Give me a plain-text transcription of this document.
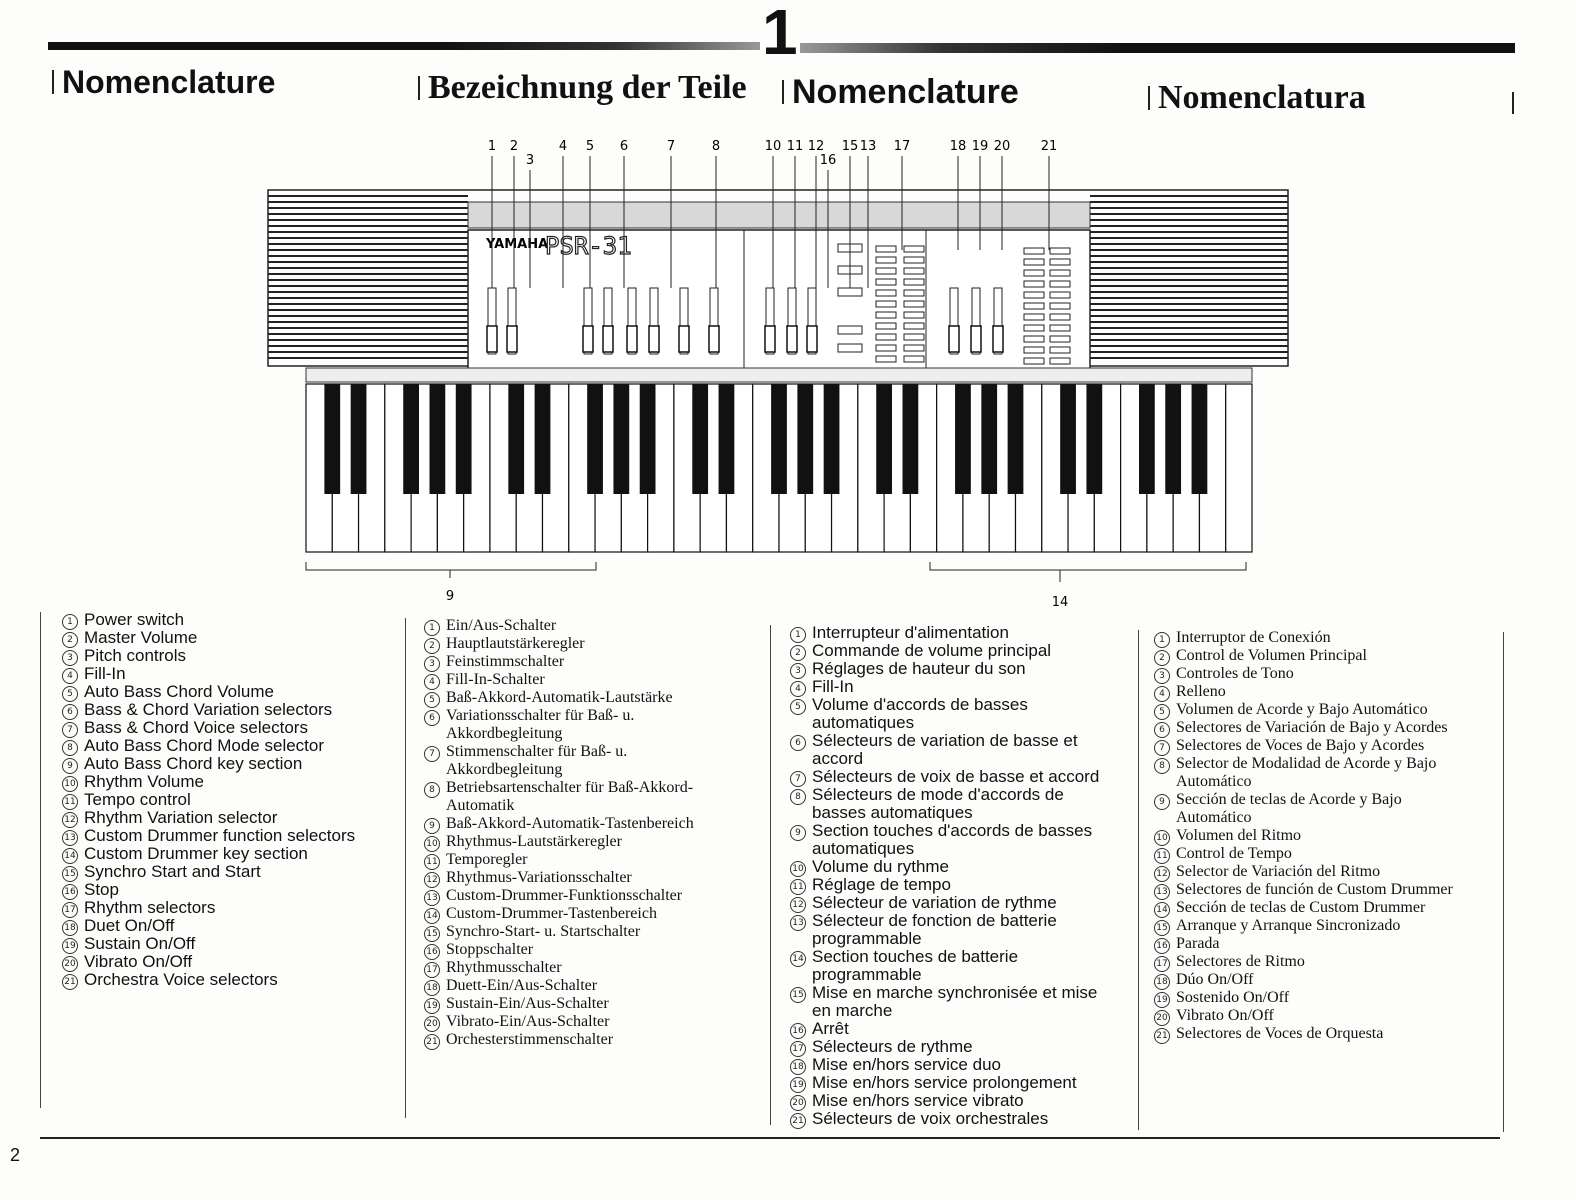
1
Nomenclature	Bezeichnung der Teile Nomenclature	Nomenclatura
YAMAHA
PSR-31
1 2
3
4 5 6	7	8	10 11 12	13
16
15	17	18 19 20 21
9	14
1 Power switch
2 Master Volume
3 Pitch controls
4 Fill-In
5 Auto Bass Chord Volume
6 Bass & Chord Variation selectors
7 Bass & Chord Voice selectors
8 Auto Bass Chord Mode selector
9 Auto Bass Chord key section
10 Rhythm Volume
11 Tempo control
12 Rhythm Variation selector
13 Custom Drummer function selectors
14 Custom Drummer key section
15 Synchro Start and Start
16 Stop
17 Rhythm selectors
18 Duet On/Off
19 Sustain On/Off
20 Vibrato On/Off
21 Orchestra Voice selectors
1 Ein/Aus-Schalter
2 Hauptlautstärkeregler
3 Feinstimmschalter
4 Fill-In-Schalter
5 Baß-Akkord-Automatik-Lautstärke
6 Variationsschalter für Baß- u.
Akkordbegleitung
7 Stimmenschalter für Baß- u.
Akkordbegleitung
8 Betriebsartenschalter für Baß-Akkord-
Automatik
9 Baß-Akkord-Automatik-Tastenbereich
10 Rhythmus-Lautstärkeregler
11 Temporegler
12 Rhythmus-Variationsschalter
13 Custom-Drummer-Funktionsschalter
14 Custom-Drummer-Tastenbereich
15 Synchro-Start- u. Startschalter
16 Stoppschalter
17 Rhythmusschalter
18 Duett-Ein/Aus-Schalter
19 Sustain-Ein/Aus-Schalter
20 Vibrato-Ein/Aus-Schalter
21 Orchesterstimmenschalter
1 Interrupteur d'alimentation
2 Commande de volume principal
3 Réglages de hauteur du son
4 Fill-In
5 Volume d'accords de basses
automatiques
6 Sélecteurs de variation de basse et
accord
7 Sélecteurs de voix de basse et accord
8 Sélecteurs de mode d'accords de
basses automatiques
9 Section touches d'accords de basses
automatiques
10 Volume du rythme
11 Réglage de tempo
12 Sélecteur de variation de rythme
13 Sélecteur de fonction de batterie
programmable
14 Section touches de batterie
programmable
15 Mise en marche synchronisée et mise
en marche
16 Arrêt
17 Sélecteurs de rythme
18 Mise en/hors service duo
19 Mise en/hors service prolongement
20 Mise en/hors service vibrato
21 Sélecteurs de voix orchestrales
1 Interruptor de Conexión
2 Control de Volumen Principal
3 Controles de Tono
4 Relleno
5 Volumen de Acorde y Bajo Automático
6 Selectores de Variación de Bajo y Acordes
7 Selectores de Voces de Bajo y Acordes
8 Selector de Modalidad de Acorde y Bajo
Automático
9 Sección de teclas de Acorde y Bajo
Automático
10 Volumen del Ritmo
11 Control de Tempo
12 Selector de Variación del Ritmo
13 Selectores de función de Custom Drummer
14 Sección de teclas de Custom Drummer
15 Arranque y Arranque Sincronizado
16 Parada
17 Selectores de Ritmo
18 Dúo On/Off
19 Sostenido On/Off
20 Vibrato On/Off
21 Selectores de Voces de Orquesta
2
